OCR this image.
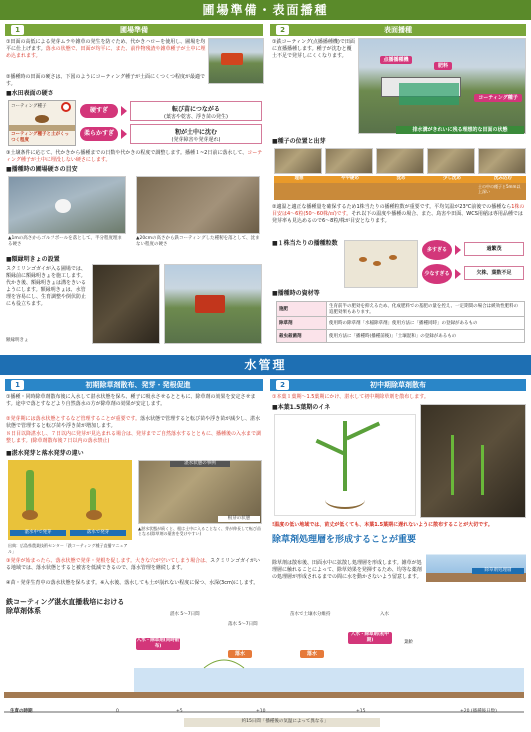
圃場準備・表面播種
1	圃場準備
①田面の高低による発芽ムラや雑草の発生を防ぐため、代かきハローを使用し、圃場を均平に仕上げます。落水の状態で、田面が均平に、また、前作物残渣や雑草種子が土中に埋め込まれます。
②播種時の田面の硬さは、下図のようにコーティング種子が土面にくつくつ程度が最適です。
■水田表面の硬さ
コーティング種子
コーティング種子と土がくっつく程度
硬すぎ	転び苗につながる
(葉害や乾害、浮き苗の発生)
柔らかすぎ	籾が土中に沈む
(発芽障害や発芽遅れ)
③土壌条件に応じて、代かきから播種までの日数や代かきの程度で調整します。播種１~2日前に落水して、コーティング種子が土中に埋没しない硬さにします。
■播種時の圃場硬さの目安
▲1mの高さからゴルフボールを落として、半分程度埋まる硬さ
▲20cmの高さから鉄コーティングした種籾を落として、沈まない程度の硬さ
■額縁明きょの設置
スクミリンゴガイが入る圃場では、額縁前に額縁明きょを施工します。代かき後、額縁明きょは溝をきいるようにします。額縁明きょは、水管理を容易にし、生育調整や倒伏防止にも役立ちます。
額縁明きょ
2	表面播種
①鉄コーティング(点播播種機)で田面に直播播種します。種子が沈むと覆土不足で発芽しにくくなります。
点播播種機
肥料
コーティング種子
排水溝がきれいに残る理想的な田面の状態
■種子の位置と出芽
理想	やや硬め	沈め	少し沈め	沈み込む
土の中の種子と5mm以上深い
②適温と適正な播種量を確保するため1株当たりの播種粒数が重要です。平均気温が23℃前後での播種なら1株の目安は4～6粒(50～60株/㎡)です。それ以下の温度や播種の場合、また、鳥害や田面、WCS用稲は専用品種では発芽率も見込めるので6～8粒/株が目安となります。
■１株当たりの播種粒数
多すぎる	過繁茂
少なすぎる	欠株、葉数不足
■播種時の資材等
施肥	生育前半の肥効を抑えるため、化成肥料での基肥の量を控え、一定期間の場合は緩効性肥料の追肥効果もあります。
除草剤	使用時の除草剤「水稲除草剤」使用方法に「播種同時」の登録があるもの
殺虫殺菌剤	使用方法に「播種時(播種前後)」「土壌混和」の登録があるもの
水管理
1	初期除草剤散布、発芽・発根促進
①播種・同時除草剤散布後に入水して湛水状態を保ち、種子に吸水させるとともに、除草剤の効果を安定させます。途中で落とすなどより自然落水の方が除草剤の効果が安定します。
②発芽期には落水状態とするなど管理することが重要です。落水状態で管理すると転び苗や浮き苗が減少し、湛水状態で管理すると転び苗や浮き苗が増加します。
８日目以降湛水し、７日以内に発芽が見込まれる場合は、発芽までご自然落水するとともに、播種後の入水まで調整します。(除草剤散布後７日以内の落水禁止)
■湛水発芽と落水発芽の違い
湛水中で発芽	落水で発芽
出典：広島県農業技術センター「鉄コーティング種子直播マニュアル」
湛水状態の事例
根芽の状態
▲湛水状態が続くと、根は土中に入ることなく、芽が伸長して転び苗となる(除草剤の薬害を受けやすい)
③発芽が始まったら、落水状態で発芽・発根を促します。大きな穴が空いてしまう場合は、スクミリンゴガイがいる地域では、落水状態とすると被害を低減できるので、落水管理を継続します。
④苗・発芽生育中の落水状態を保ちます。※入水後、落水しても土が崩れない程度に保つ、水深(3cm)にします。
鉄コーティング湛水直播栽培における除草剤体系
2	初中期除草剤散布
①本葉１葉期～1.5葉期にかけ、湛水して初中期除草剤を散布します。
■本葉1.5葉期のイネ
!温度の低い地域では、苗丈が低くても、本葉1.5葉期に遅れないように散布することが大切です。
除草剤処理層を形成することが重要
除草剤は散布後、田面水中に拡散し処理層を形成します。雑草が処理層に触れることによって、除草効果を発揮するため、均等な薬剤の処理層が形成されるまでの間に水を動かさないよう留意します。
除草剤処理層
生育の時期	0	+5	+10	+15	+20 (播種後日数)
約15日間「播種後の気温によって異なる」
湛水 5～7日間
落水 5～7日間
苗水で土壌水分維持	入水
入水・除草剤(同時散布)
落水	落水
入水・除草剤(初中期)	葉齢
